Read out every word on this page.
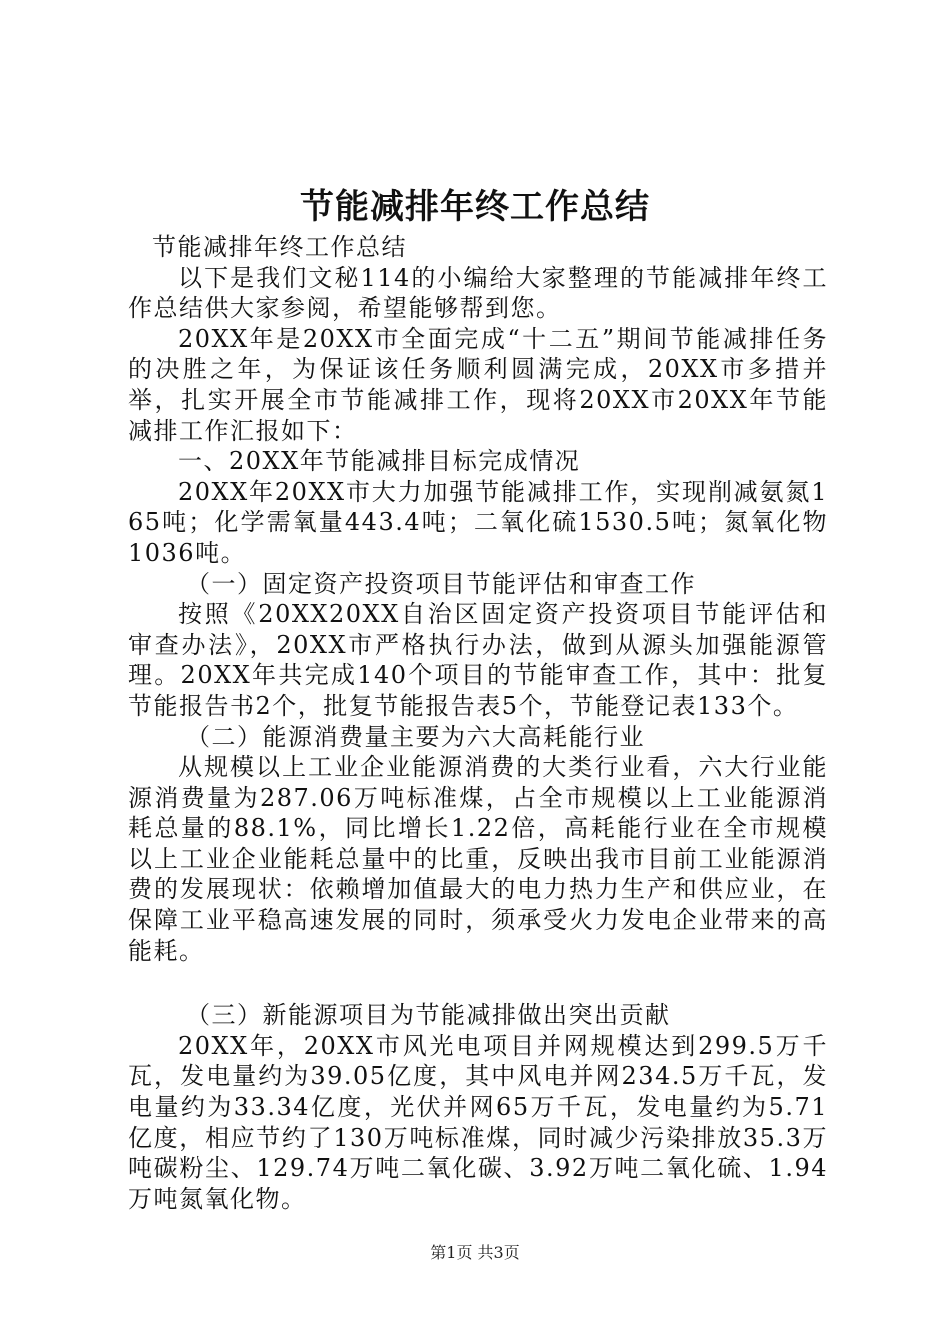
节能减排年终工作总结

节能减排年终工作总结

以下是我们文秘114的小编给大家整理的节能减排年终工作总结供大家参阅，希望能够帮到您。

20XX年是20XX市全面完成“十二五”期间节能减排任务的决胜之年，为保证该任务顺利圆满完成，20XX市多措并举，扎实开展全市节能减排工作，现将20XX市20XX年节能减排工作汇报如下：

一、20XX年节能减排目标完成情况

20XX年20XX市大力加强节能减排工作，实现削减氨氮165吨；化学需氧量443.4吨；二氧化硫1530.5吨；氮氧化物1036吨。

（一）固定资产投资项目节能评估和审查工作

按照《20XX20XX自治区固定资产投资项目节能评估和审查办法》，20XX市严格执行办法，做到从源头加强能源管理。20XX年共完成140个项目的节能审查工作，其中：批复节能报告书2个，批复节能报告表5个，节能登记表133个。

（二）能源消费量主要为六大高耗能行业

从规模以上工业企业能源消费的大类行业看，六大行业能源消费量为287.06万吨标准煤，占全市规模以上工业能源消耗总量的88.1%，同比增长1.22倍，高耗能行业在全市规模以上工业企业能耗总量中的比重，反映出我市目前工业能源消费的发展现状：依赖增加值最大的电力热力生产和供应业，在保障工业平稳高速发展的同时，须承受火力发电企业带来的高能耗。

（三）新能源项目为节能减排做出突出贡献

20XX年，20XX市风光电项目并网规模达到299.5万千瓦，发电量约为39.05亿度，其中风电并网234.5万千瓦，发电量约为33.34亿度，光伏并网65万千瓦，发电量约为5.71亿度，相应节约了130万吨标准煤，同时减少污染排放35.3万吨碳粉尘、129.74万吨二氧化碳、3.92万吨二氧化硫、1.94万吨氮氧化物。

第1页 共3页
